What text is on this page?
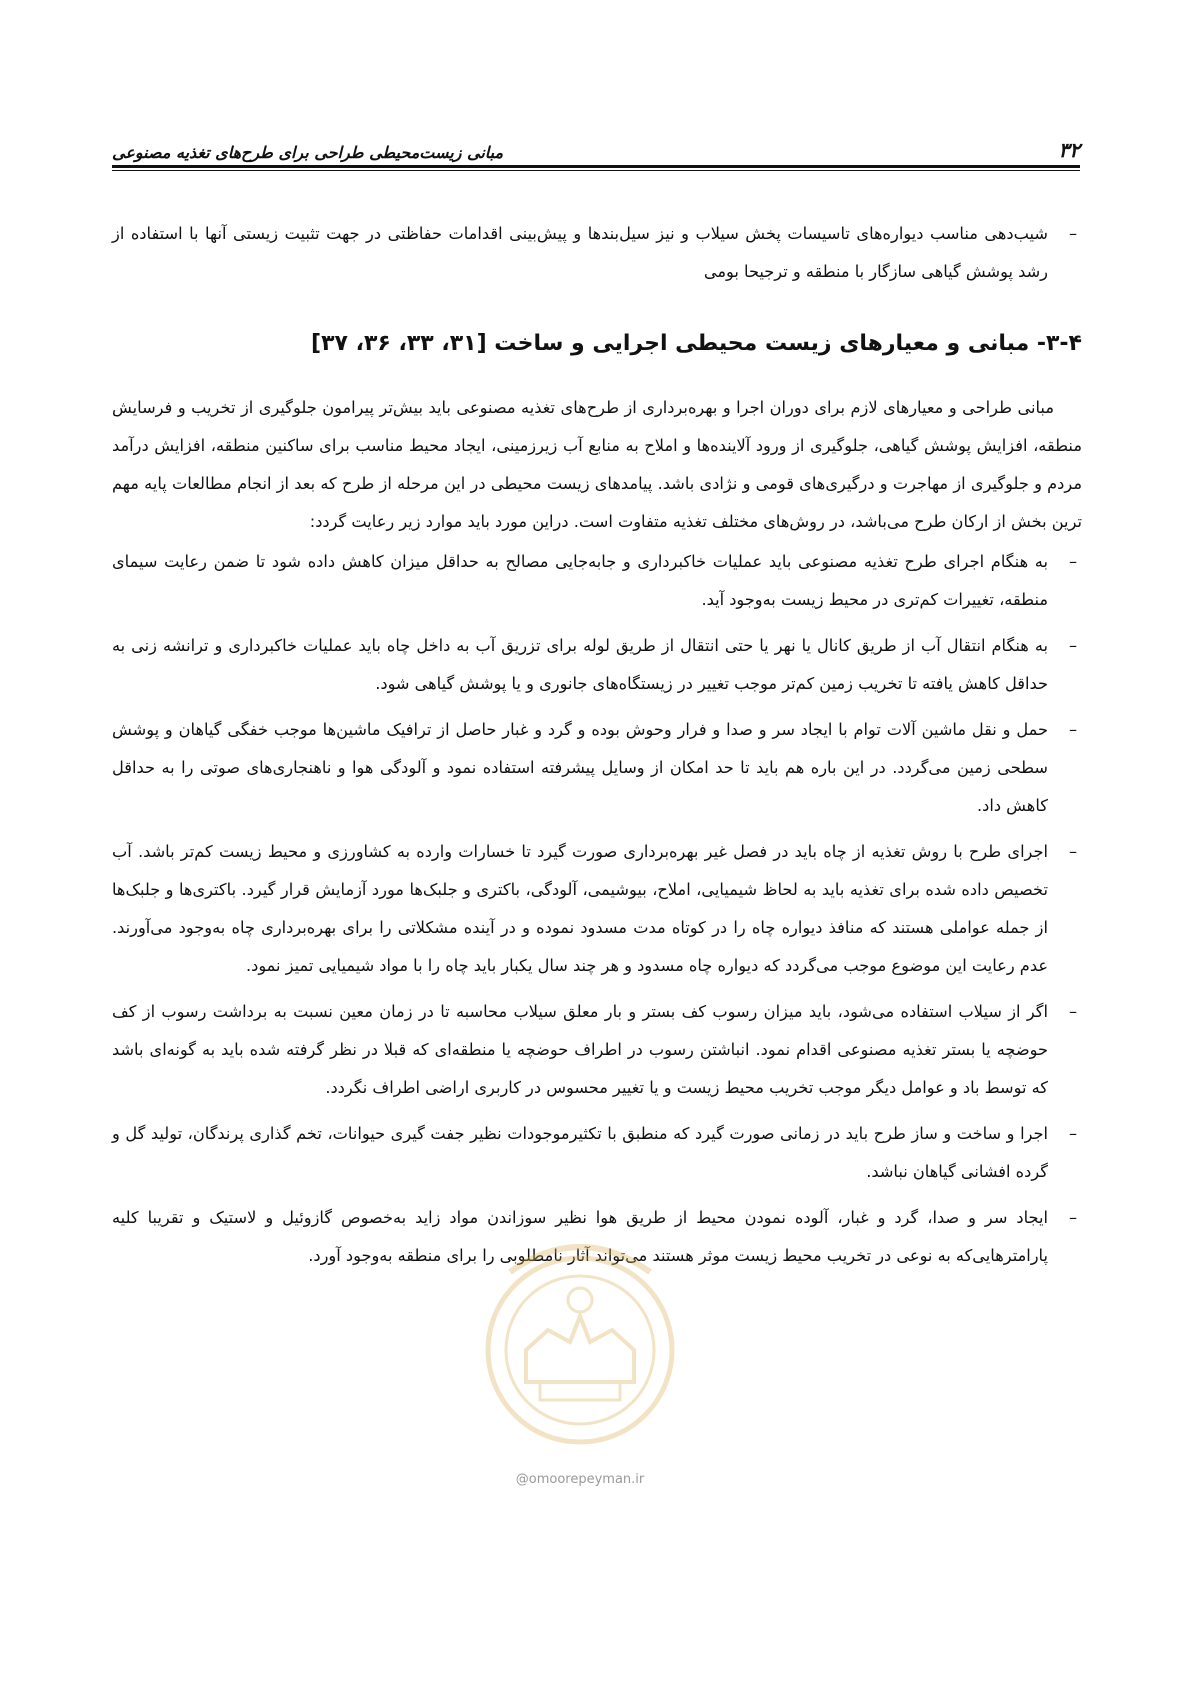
مبانی زیست‌محیطی طراحی برای طرح‌های تغذیه مصنوعی	۳۲
–
شیب‌دهی مناسب دیواره‌های تاسیسات پخش سیلاب و نیز سیل‌بندها و پیش‌بینی اقدامات حفاظتی در جهت تثبیت زیستی آنها با استفاده از رشد پوشش گیاهی سازگار با منطقه و ترجیحا بومی
۳-۴- مبانی و معیارهای زیست محیطی اجرایی و ساخت [۳۱، ۳۳، ۳۶، ۳۷]

مبانی طراحی و معیارهای لازم برای دوران اجرا و بهره‌برداری از طرح‌های تغذیه مصنوعی باید بیش‌تر پیرامون جلوگیری از تخریب و فرسایش منطقه، افزایش پوشش گیاهی، جلوگیری از ورود آلاینده‌ها و املاح به منابع آب زیرزمینی، ایجاد محیط مناسب برای ساکنین منطقه، افزایش درآمد مردم و جلوگیری از مهاجرت و درگیری‌های قومی و نژادی باشد. پیامدهای زیست محیطی در این مرحله از طرح که بعد از انجام مطالعات پایه مهم ترین بخش از ارکان طرح می‌باشد، در روش‌های مختلف تغذیه متفاوت است. دراین مورد باید موارد زیر رعایت گردد:

–
به هنگام اجرای طرح تغذیه مصنوعی باید عملیات خاکبرداری و جابه‌جایی مصالح به حداقل میزان کاهش داده شود تا ضمن رعایت سیمای منطقه، تغییرات کم‌تری در محیط زیست به‌وجود آید.
–
به هنگام انتقال آب از طریق کانال یا نهر یا حتی انتقال از طریق لوله برای تزریق آب به داخل چاه باید عملیات خاکبرداری و ترانشه زنی به حداقل کاهش یافته تا تخریب زمین کم‌تر موجب تغییر در زیستگاه‌های جانوری و یا پوشش گیاهی شود.
–
حمل و نقل ماشین آلات توام با ایجاد سر و صدا و فرار وحوش بوده و گرد و غبار حاصل از ترافیک ماشین‌ها موجب خفگی گیاهان و پوشش سطحی زمین می‌گردد. در این باره هم باید تا حد امکان از وسایل پیشرفته استفاده نمود و آلودگی هوا و ناهنجاری‌های صوتی را به حداقل کاهش داد.
–
اجرای طرح با روش تغذیه از چاه باید در فصل غیر بهره‌برداری صورت گیرد تا خسارات وارده به کشاورزی و محیط زیست کم‌تر باشد. آب تخصیص داده شده برای تغذیه باید به لحاظ شیمیایی، املاح، بیوشیمی، آلودگی، باکتری و جلبک‌ها مورد آزمایش قرار گیرد. باکتری‌ها و جلبک‌ها از جمله عواملی هستند که منافذ دیواره چاه را در کوتاه مدت مسدود نموده و در آینده مشکلاتی را برای بهره‌برداری چاه به‌وجود می‌آورند. عدم رعایت این موضوع موجب می‌گردد که دیواره چاه مسدود و هر چند سال یکبار باید چاه را با مواد شیمیایی تمیز نمود.
–
اگر از سیلاب استفاده می‌شود، باید میزان رسوب کف بستر و بار معلق سیلاب محاسبه تا در زمان معین نسبت به برداشت رسوب از کف حوضچه یا بستر تغذیه مصنوعی اقدام نمود. انباشتن رسوب در اطراف حوضچه یا منطقه‌ای که قبلا در نظر گرفته شده باید به گونه‌ای باشد که توسط باد و عوامل دیگر موجب تخریب محیط زیست و یا تغییر محسوس در کاربری اراضی اطراف نگردد.
–
اجرا و ساخت و ساز طرح باید در زمانی صورت گیرد که منطبق با تکثیرموجودات نظیر جفت گیری حیوانات، تخم گذاری پرندگان، تولید گل و گرده افشانی گیاهان نباشد.
–
ایجاد سر و صدا، گرد و غبار، آلوده نمودن محیط از طریق هوا نظیر سوزاندن مواد زاید به‌خصوص گازوئیل و لاستیک و تقریبا کلیه پارامترهایی‌که به نوعی در تخریب محیط زیست موثر هستند می‌تواند آثار نامطلوبی را برای منطقه به‌وجود آورد.
@omoorepeyman.ir
